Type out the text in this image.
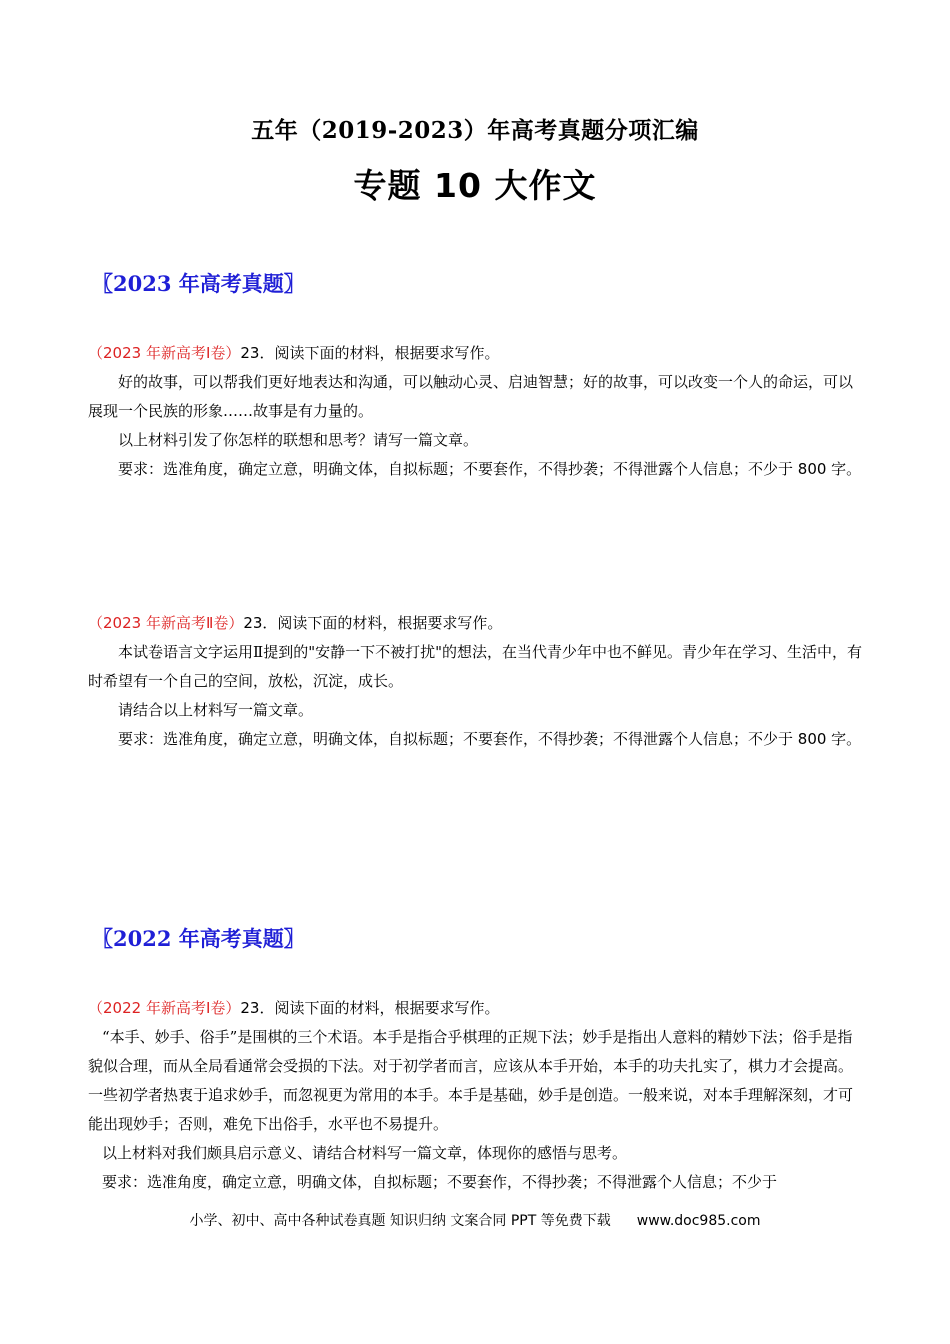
五年（2019-2023）年高考真题分项汇编
专题 10 大作文
〖2023 年高考真题〗
（2023 年新高考Ⅰ卷）23．阅读下面的材料，根据要求写作。
好的故事，可以帮我们更好地表达和沟通，可以触动心灵、启迪智慧；好的故事，可以改变一个人的命运，可以展现一个民族的形象……故事是有力量的。
以上材料引发了你怎样的联想和思考？请写一篇文章。
要求：选准角度，确定立意，明确文体，自拟标题；不要套作，不得抄袭；不得泄露个人信息；不少于 800 字。
（2023 年新高考Ⅱ卷）23．阅读下面的材料，根据要求写作。
本试卷语言文字运用Ⅱ提到的"安静一下不被打扰"的想法，在当代青少年中也不鲜见。青少年在学习、生活中，有时希望有一个自己的空间，放松，沉淀，成长。
请结合以上材料写一篇文章。
要求：选准角度，确定立意，明确文体，自拟标题；不要套作，不得抄袭；不得泄露个人信息；不少于 800 字。
〖2022 年高考真题〗
（2022 年新高考Ⅰ卷）23．阅读下面的材料，根据要求写作。
“本手、妙手、俗手”是围棋的三个术语。本手是指合乎棋理的正规下法；妙手是指出人意料的精妙下法；俗手是指貌似合理，而从全局看通常会受损的下法。对于初学者而言，应该从本手开始，本手的功夫扎实了，棋力才会提高。一些初学者热衷于追求妙手，而忽视更为常用的本手。本手是基础，妙手是创造。一般来说，对本手理解深刻，才可能出现妙手；否则，难免下出俗手，水平也不易提升。
以上材料对我们颇具启示意义、请结合材料写一篇文章，体现你的感悟与思考。
要求：选准角度，确定立意，明确文体，自拟标题；不要套作，不得抄袭；不得泄露个人信息；不少于
小学、初中、高中各种试卷真题 知识归纳 文案合同 PPT 等免费下载 www.doc985.com
